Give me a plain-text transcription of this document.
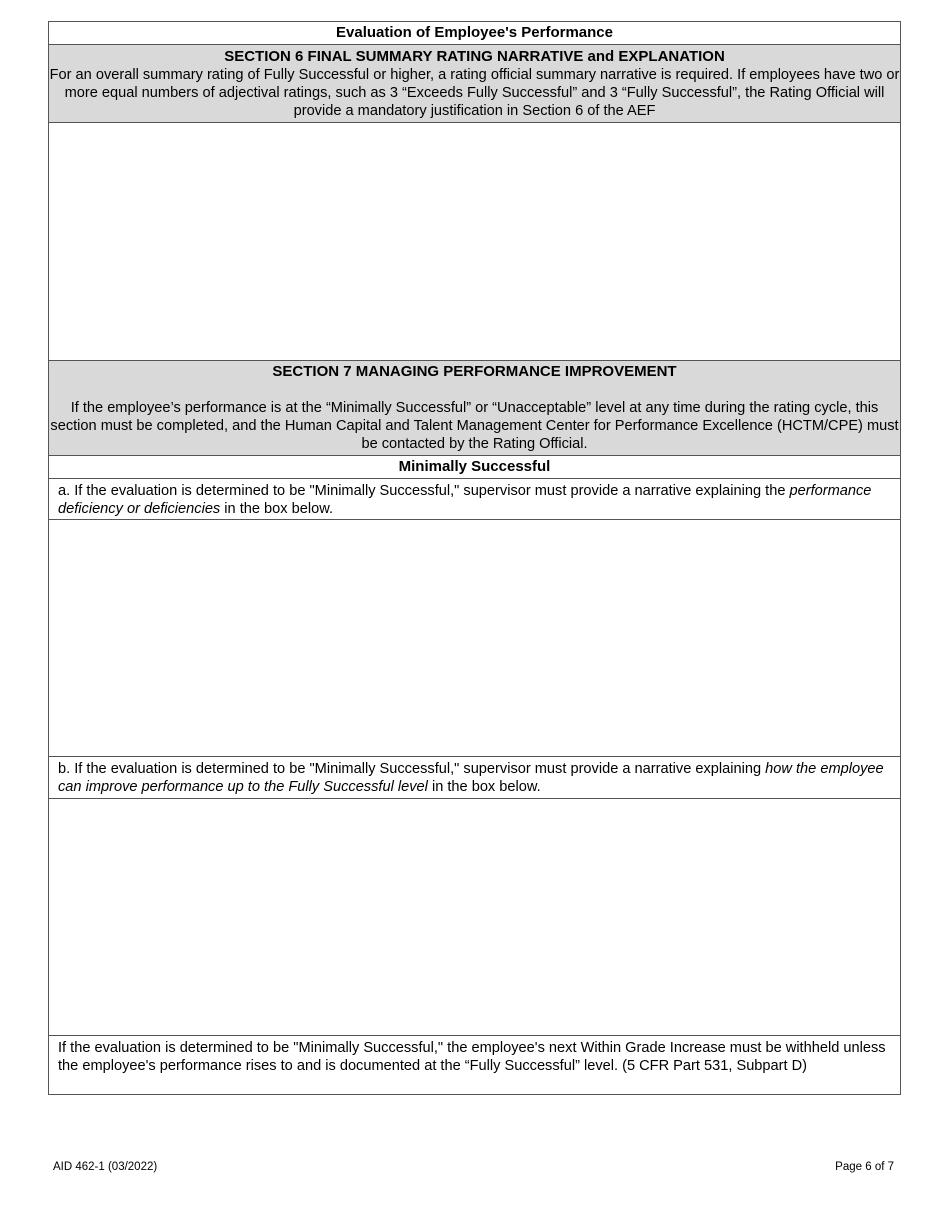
Evaluation of Employee's Performance
SECTION 6 FINAL SUMMARY RATING NARRATIVE and EXPLANATION
For an overall summary rating of Fully Successful or higher, a rating official summary narrative is required. If employees have two or more equal numbers of adjectival ratings, such as 3 “Exceeds Fully Successful” and 3 “Fully Successful”, the Rating Official will provide a mandatory justification in Section 6 of the AEF
SECTION 7 MANAGING PERFORMANCE IMPROVEMENT
If the employee’s performance is at the “Minimally Successful” or “Unacceptable” level at any time during the rating cycle, this section must be completed, and the Human Capital and Talent Management Center for Performance Excellence (HCTM/CPE) must be contacted by the Rating Official.
Minimally Successful
a. If the evaluation is determined to be "Minimally Successful," supervisor must provide a narrative explaining the performance deficiency or deficiencies in the box below.
b. If the evaluation is determined to be "Minimally Successful," supervisor must provide a narrative explaining how the employee can improve performance up to the Fully Successful level in the box below.
If the evaluation is determined to be "Minimally Successful," the employee's next Within Grade Increase must be withheld unless the employee's performance rises to and is documented at the “Fully Successful” level. (5 CFR Part 531, Subpart D)
AID 462-1 (03/2022)	Page 6 of 7
